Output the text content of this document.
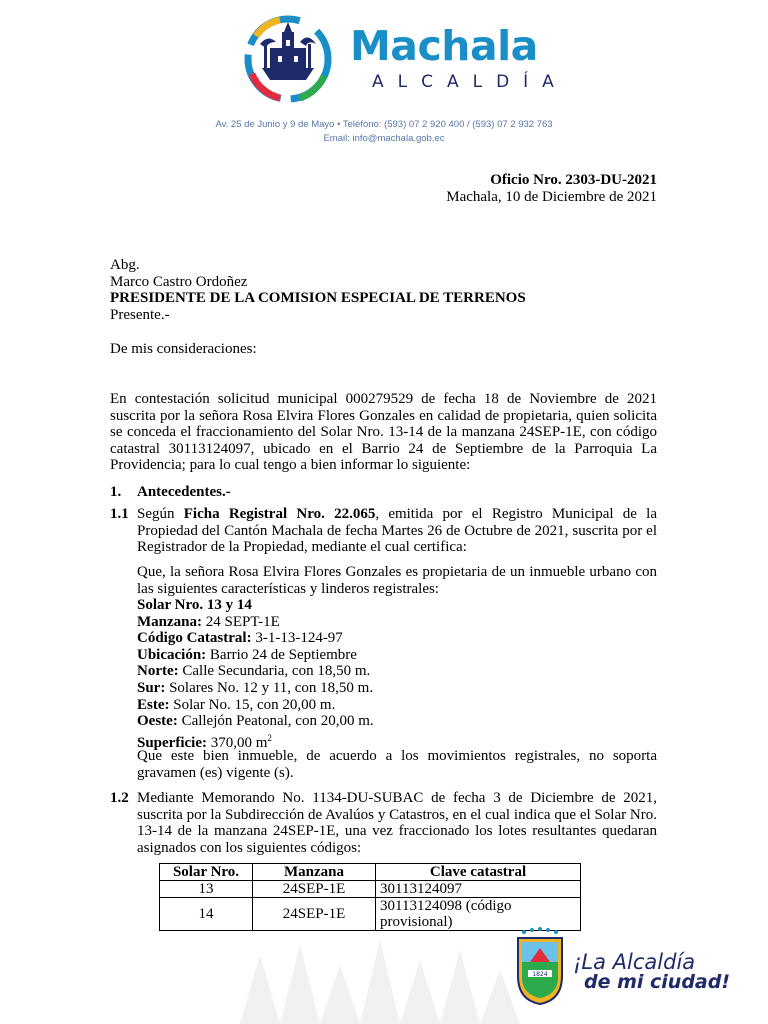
Machala
ALCALDÍA
Av. 25 de Junio y 9 de Mayo • Teléfono: (593) 07 2 920 400 / (593) 07 2 932 763
Email: info@machala.gob.ec
Oficio Nro. 2303-DU-2021
Machala, 10 de Diciembre de 2021
Abg.
Marco Castro Ordoñez
PRESIDENTE DE LA COMISION ESPECIAL DE TERRENOS
Presente.-
De mis consideraciones:
En contestación solicitud municipal 000279529 de fecha 18 de Noviembre de 2021 suscrita por la señora Rosa Elvira Flores Gonzales en calidad de propietaria, quien solicita se conceda el fraccionamiento del Solar Nro. 13-14 de la manzana 24SEP-1E, con código catastral 30113124097, ubicado en el Barrio 24 de Septiembre de la Parroquia La Providencia; para lo cual tengo a bien informar lo siguiente:
1. Antecedentes.-
1.1 Según Ficha Registral Nro. 22.065, emitida por el Registro Municipal de la Propiedad del Cantón Machala de fecha Martes 26 de Octubre de 2021, suscrita por el Registrador de la Propiedad, mediante el cual certifica:
Que, la señora Rosa Elvira Flores Gonzales es propietaria de un inmueble urbano con las siguientes características y linderos registrales:
Solar Nro. 13 y 14
Manzana: 24 SEPT-1E
Código Catastral: 3-1-13-124-97
Ubicación: Barrio 24 de Septiembre
Norte: Calle Secundaria, con 18,50 m.
Sur: Solares No. 12 y 11, con 18,50 m.
Este: Solar No. 15, con 20,00 m.
Oeste: Callejón Peatonal, con 20,00 m.
Superficie: 370,00 $m^2$
Que este bien inmueble, de acuerdo a los movimientos registrales, no soporta gravamen (es) vigente (s).
1.2 Mediante Memorando No. 1134-DU-SUBAC de fecha 3 de Diciembre de 2021, suscrita por la Subdirección de Avalúos y Catastros, en el cual indica que el Solar Nro. 13-14 de la manzana 24SEP-1E, una vez fraccionado los lotes resultantes quedaran asignados con los siguientes códigos:
Solar Nro.	Manzana	Clave catastral
13	24SEP-1E	30113124097
14	24SEP-1E	30113124098 (código provisional)
1824
¡La Alcaldía
de mi ciudad!
